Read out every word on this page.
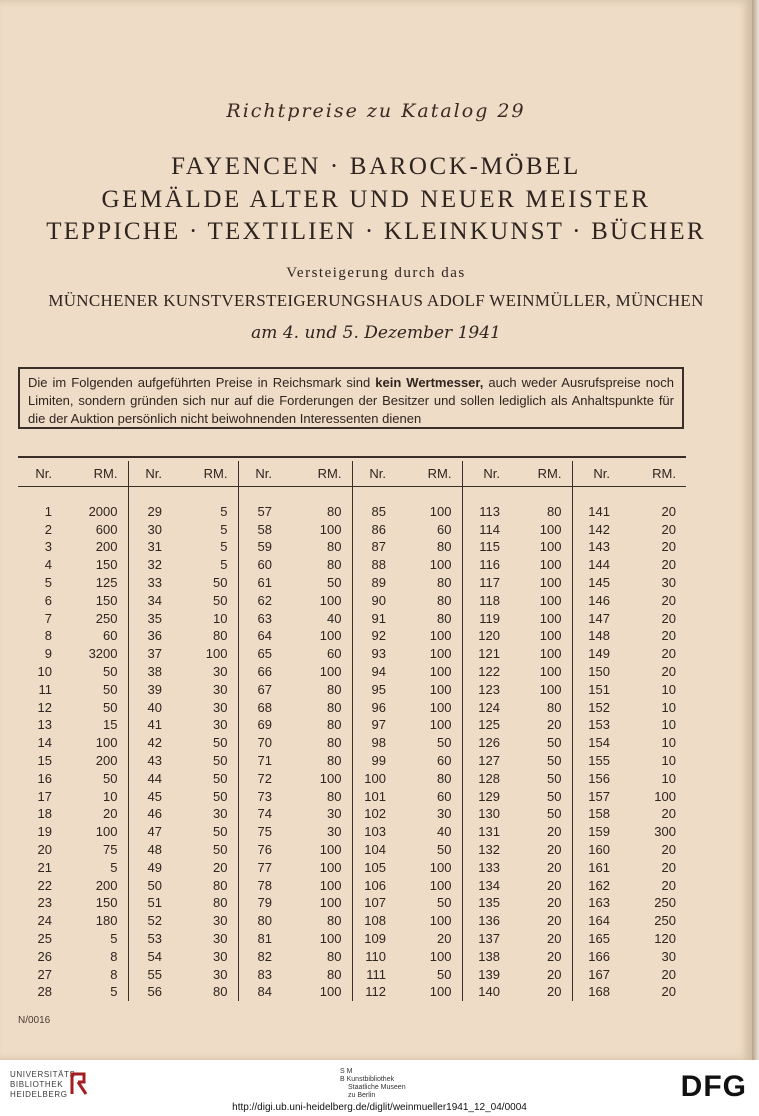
Richtpreise zu Katalog 29
FAYENCEN · BAROCK-MÖBEL
GEMÄLDE ALTER UND NEUER MEISTER
TEPPICHE · TEXTILIEN · KLEINKUNST · BÜCHER
Versteigerung durch das
MÜNCHENER KUNSTVERSTEIGERUNGSHAUS ADOLF WEINMÜLLER, MÜNCHEN
am 4. und 5. Dezember 1941
Die im Folgenden aufgeführten Preise in Reichsmark sind kein Wertmesser, auch weder Ausrufspreise noch Limiten, sondern gründen sich nur auf die Forderungen der Besitzer und sollen lediglich als Anhaltspunkte für die der Auktion persönlich nicht beiwohnenden Interessenten dienen
Nr.	RM.	Nr.	RM.	Nr.	RM.	Nr.	RM.	Nr.	RM.	Nr.	RM.

1	2000	29	5	57	80	85	100	113	80	141	20
2	600	30	5	58	100	86	60	114	100	142	20
3	200	31	5	59	80	87	80	115	100	143	20
4	150	32	5	60	80	88	100	116	100	144	20
5	125	33	50	61	50	89	80	117	100	145	30
6	150	34	50	62	100	90	80	118	100	146	20
7	250	35	10	63	40	91	80	119	100	147	20
8	60	36	80	64	100	92	100	120	100	148	20
9	3200	37	100	65	60	93	100	121	100	149	20
10	50	38	30	66	100	94	100	122	100	150	20
11	50	39	30	67	80	95	100	123	100	151	10
12	50	40	30	68	80	96	100	124	80	152	10
13	15	41	30	69	80	97	100	125	20	153	10
14	100	42	50	70	80	98	50	126	50	154	10
15	200	43	50	71	80	99	60	127	50	155	10
16	50	44	50	72	100	100	80	128	50	156	10
17	10	45	50	73	80	101	60	129	50	157	100
18	20	46	30	74	30	102	30	130	50	158	20
19	100	47	50	75	30	103	40	131	20	159	300
20	75	48	50	76	100	104	50	132	20	160	20
21	5	49	20	77	100	105	100	133	20	161	20
22	200	50	80	78	100	106	100	134	20	162	20
23	150	51	80	79	100	107	50	135	20	163	250
24	180	52	30	80	80	108	100	136	20	164	250
25	5	53	30	81	100	109	20	137	20	165	120
26	8	54	30	82	80	110	100	138	20	166	30
27	8	55	30	83	80	111	50	139	20	167	20
28	5	56	80	84	100	112	100	140	20	168	20
N/0016
UNIVERSITÄTS-
BIBLIOTHEK
HEIDELBERG
S M
B Kunstbibliothek
Staatliche Museen
zu Berlin	DFG
http://digi.ub.uni-heidelberg.de/diglit/weinmueller1941_12_04/0004
